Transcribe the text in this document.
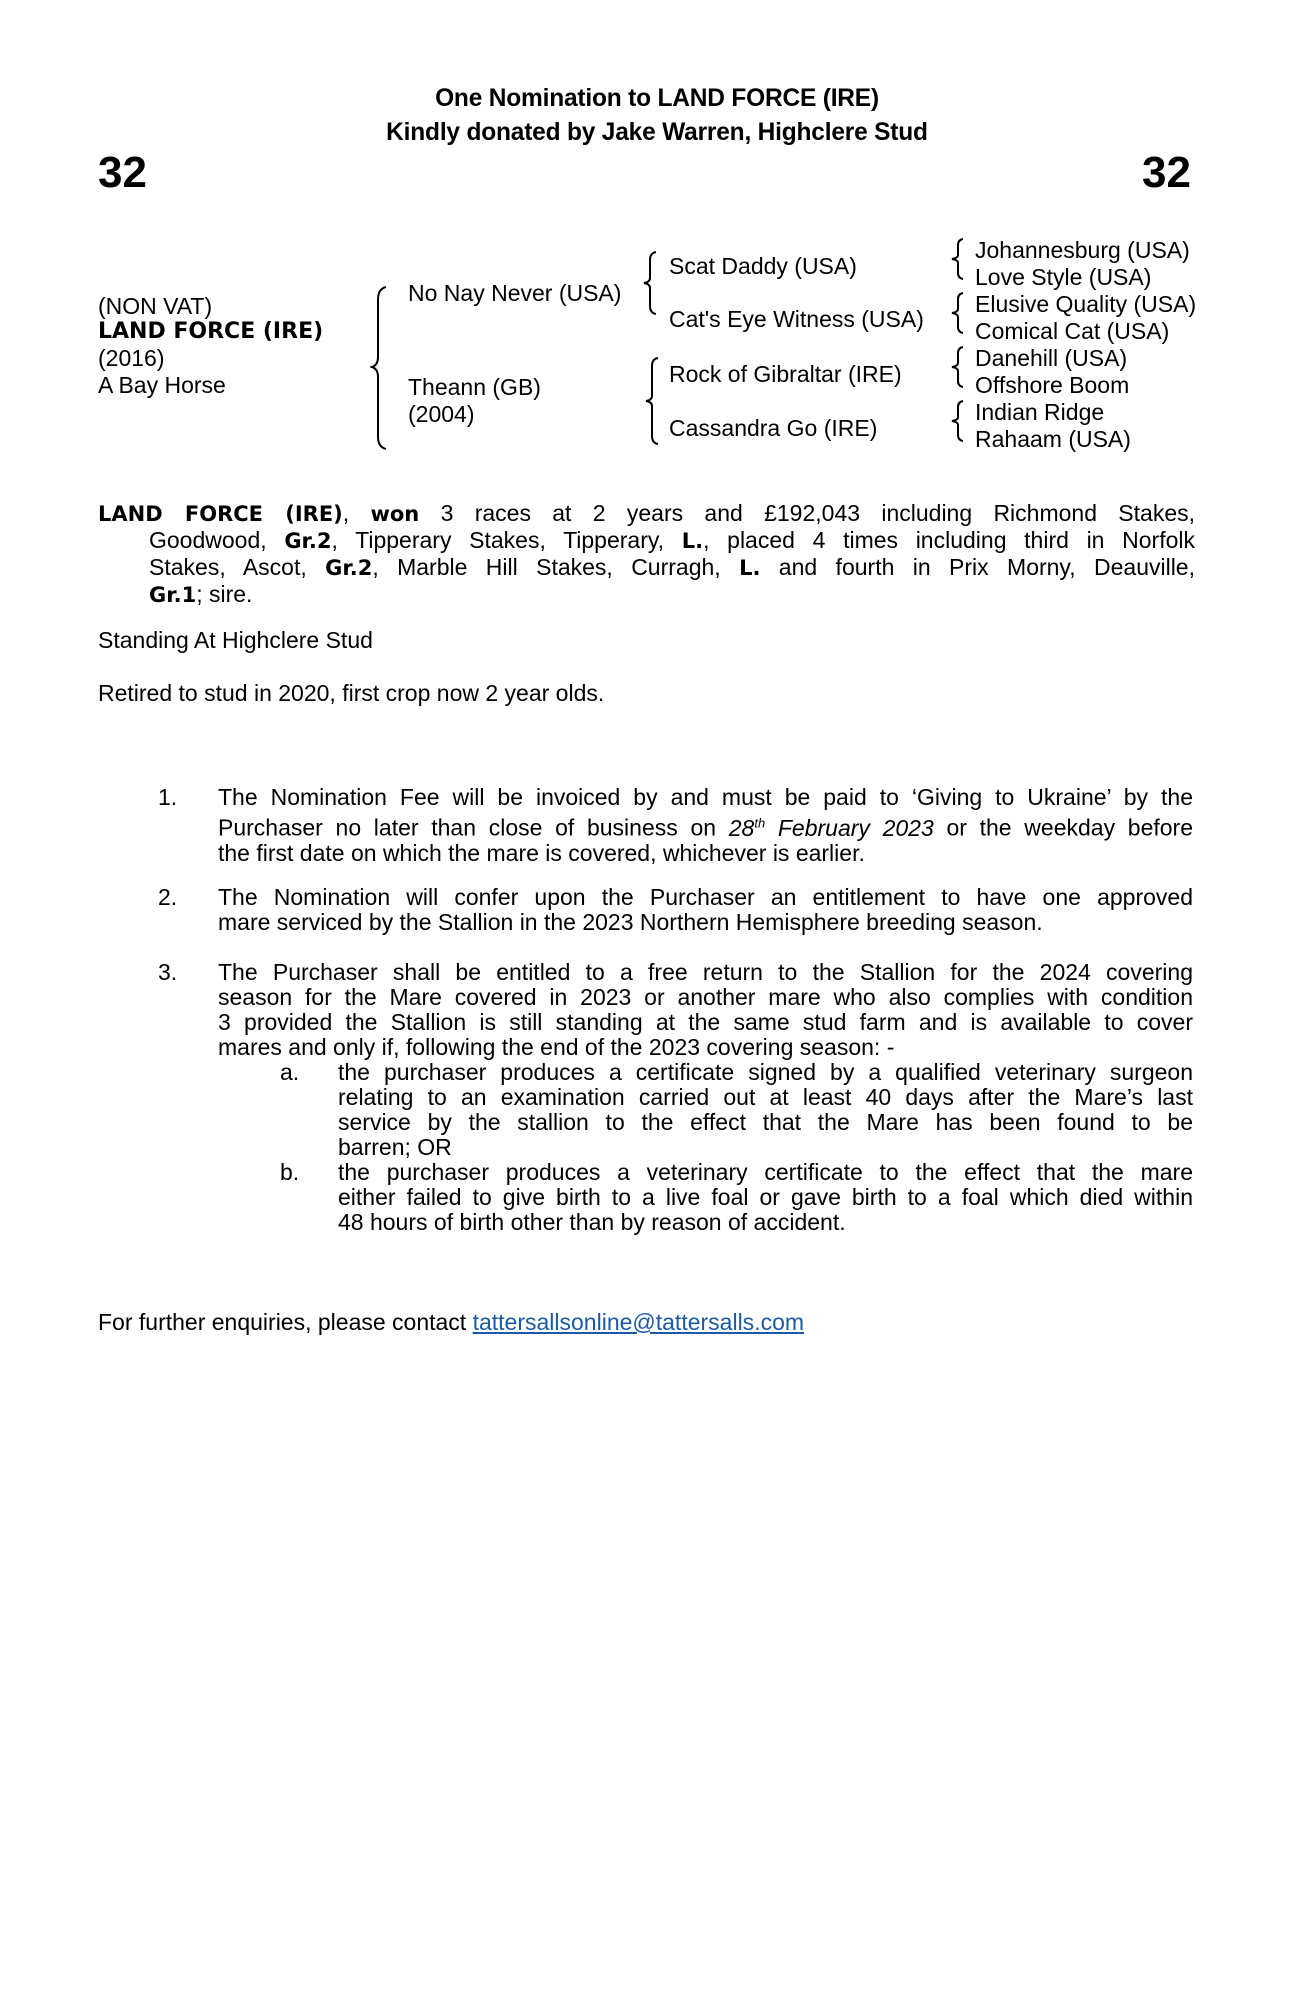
One Nomination to LAND FORCE (IRE)
Kindly donated by Jake Warren, Highclere Stud
32	32
(NON VAT)
LAND FORCE (IRE)
(2016)
A Bay Horse
No Nay Never (USA)
Theann (GB)
(2004)
Scat Daddy (USA)
Cat's Eye Witness (USA)
Rock of Gibraltar (IRE)
Cassandra Go (IRE)
Johannesburg (USA)
Love Style (USA)
Elusive Quality (USA)
Comical Cat (USA)
Danehill (USA)
Offshore Boom
Indian Ridge
Rahaam (USA)
LAND FORCE (IRE), won 3 races at 2 years and £192,043 including Richmond Stakes,
Goodwood, Gr.2, Tipperary Stakes, Tipperary, L., placed 4 times including third in Norfolk
Stakes, Ascot, Gr.2, Marble Hill Stakes, Curragh, L. and fourth in Prix Morny, Deauville,
Gr.1; sire.
Standing At Highclere Stud
Retired to stud in 2020, first crop now 2 year olds.
1. The Nomination Fee will be invoiced by and must be paid to ‘Giving to Ukraine’ by the
Purchaser no later than close of business on 28th February 2023 or the weekday before
the first date on which the mare is covered, whichever is earlier.
2. The Nomination will confer upon the Purchaser an entitlement to have one approved
mare serviced by the Stallion in the 2023 Northern Hemisphere breeding season.
3. The Purchaser shall be entitled to a free return to the Stallion for the 2024 covering
season for the Mare covered in 2023 or another mare who also complies with condition
3 provided the Stallion is still standing at the same stud farm and is available to cover
mares and only if, following the end of the 2023 covering season: -
a. the purchaser produces a certificate signed by a qualified veterinary surgeon
relating to an examination carried out at least 40 days after the Mare’s last
service by the stallion to the effect that the Mare has been found to be
barren; OR
b. the purchaser produces a veterinary certificate to the effect that the mare
either failed to give birth to a live foal or gave birth to a foal which died within
48 hours of birth other than by reason of accident.
For further enquiries, please contact tattersallsonline@tattersalls.com
